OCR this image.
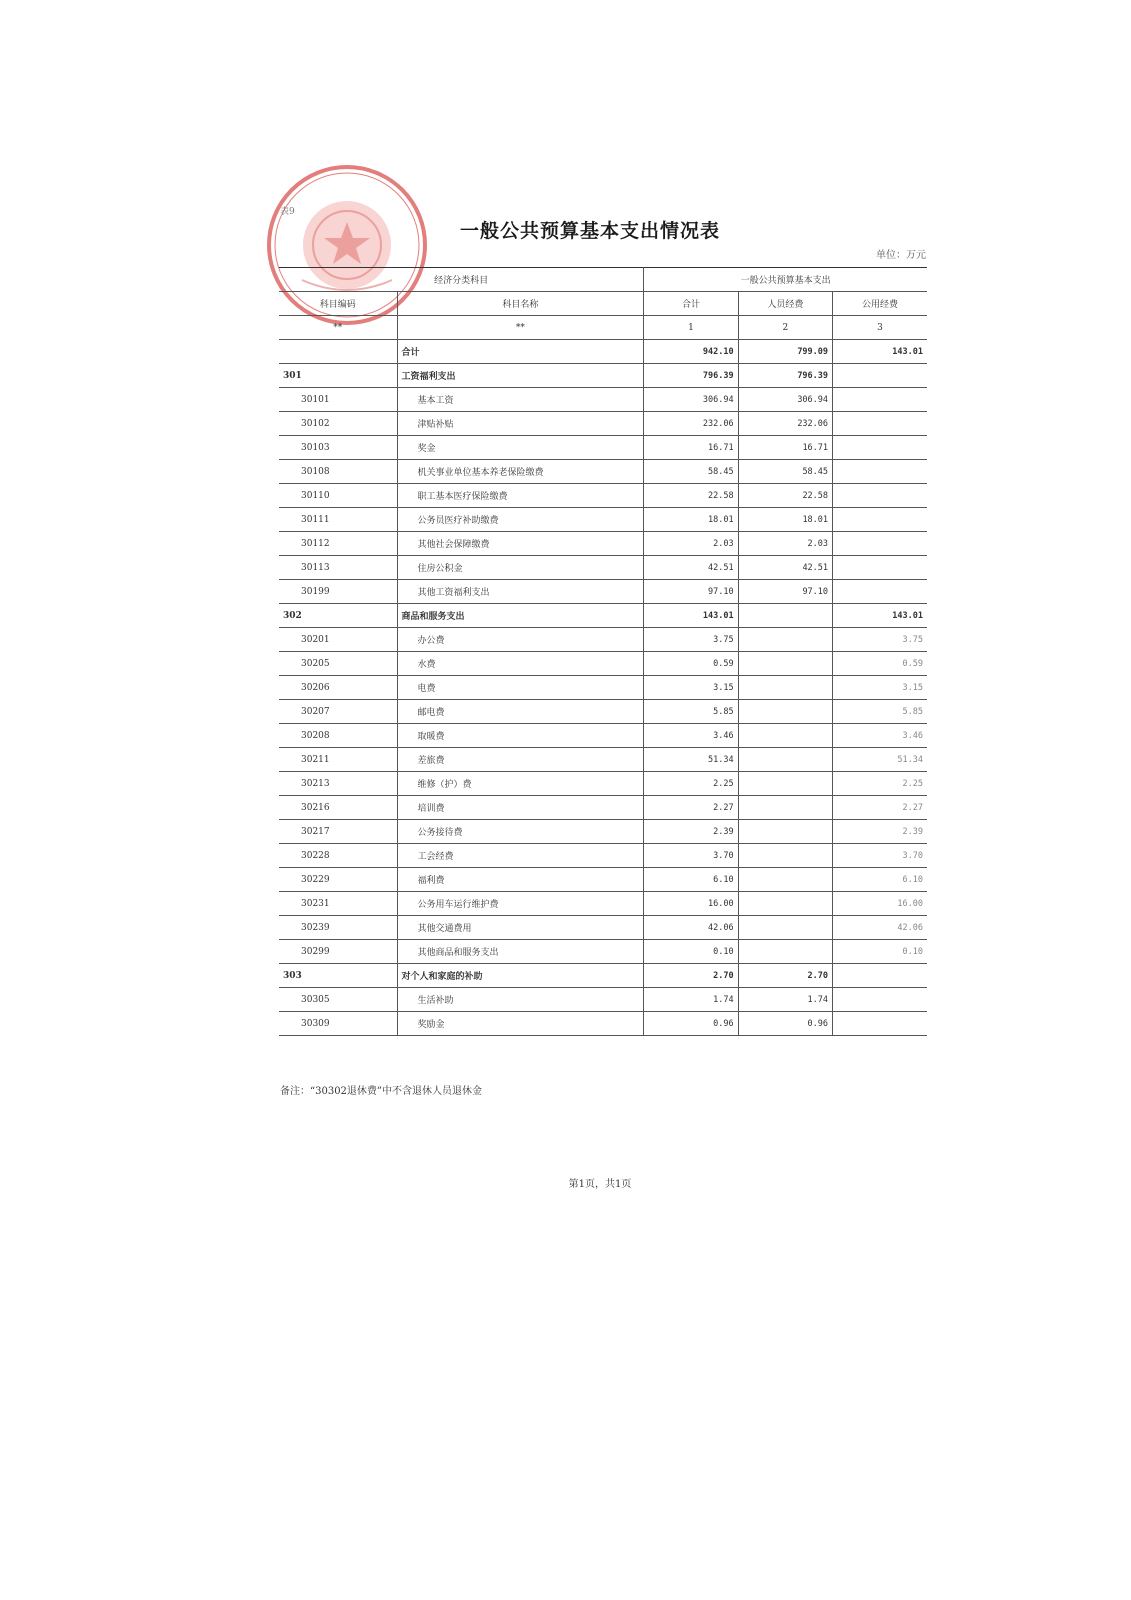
表9
一般公共预算基本支出情况表
单位：万元
经济分类科目		一般公共预算基本支出		
科目编码	科目名称	合计	人员经费	公用经费
**	**	1	2	3
	合计	942.10	799.09	143.01
301	工资福利支出	796.39	796.39	
30101	基本工资	306.94	306.94	
30102	津贴补贴	232.06	232.06	
30103	奖金	16.71	16.71	
30108	机关事业单位基本养老保险缴费	58.45	58.45	
30110	职工基本医疗保险缴费	22.58	22.58	
30111	公务员医疗补助缴费	18.01	18.01	
30112	其他社会保障缴费	2.03	2.03	
30113	住房公积金	42.51	42.51	
30199	其他工资福利支出	97.10	97.10	
302	商品和服务支出	143.01		143.01
30201	办公费	3.75		3.75
30205	水费	0.59		0.59
30206	电费	3.15		3.15
30207	邮电费	5.85		5.85
30208	取暖费	3.46		3.46
30211	差旅费	51.34		51.34
30213	维修（护）费	2.25		2.25
30216	培训费	2.27		2.27
30217	公务接待费	2.39		2.39
30228	工会经费	3.70		3.70
30229	福利费	6.10		6.10
30231	公务用车运行维护费	16.00		16.00
30239	其他交通费用	42.06		42.06
30299	其他商品和服务支出	0.10		0.10
303	对个人和家庭的补助	2.70	2.70	
30305	生活补助	1.74	1.74	
30309	奖励金	0.96	0.96	
备注：“30302退休费”中不含退休人员退休金
第1页，共1页
